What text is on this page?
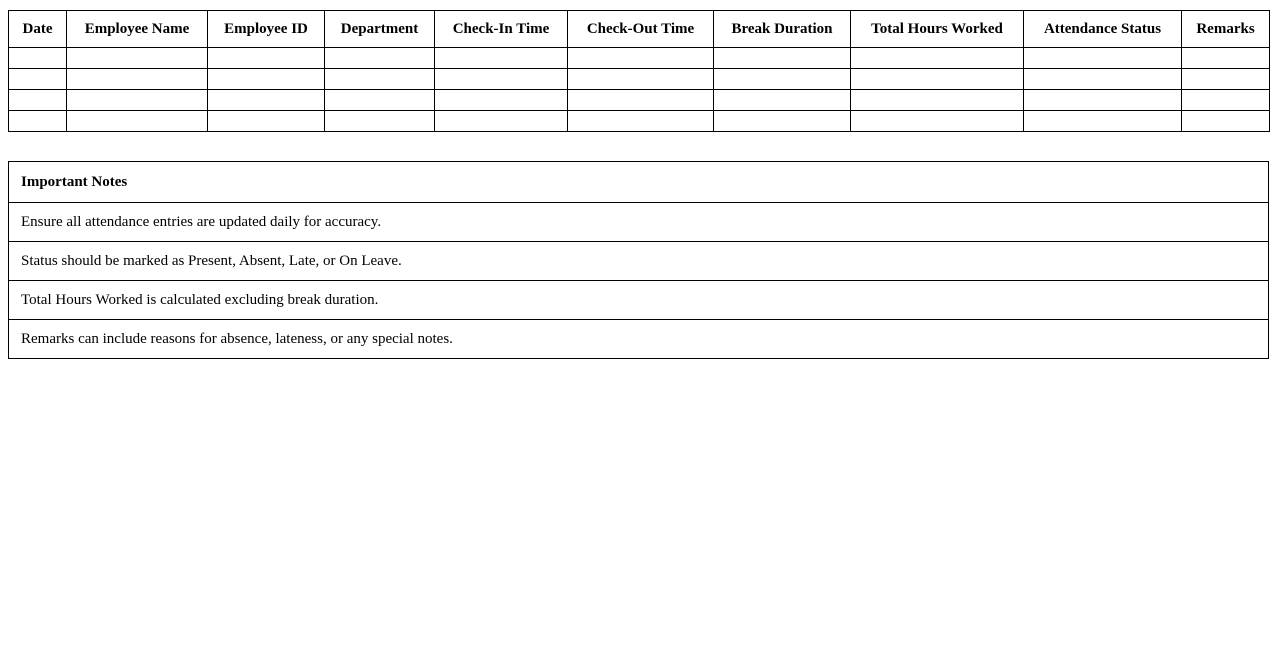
Date	Employee Name	Employee ID	Department	Check-In Time	Check-Out Time	Break Duration	Total Hours Worked	Attendance Status	Remarks

Important Notes
Ensure all attendance entries are updated daily for accuracy.
Status should be marked as Present, Absent, Late, or On Leave.
Total Hours Worked is calculated excluding break duration.
Remarks can include reasons for absence, lateness, or any special notes.
